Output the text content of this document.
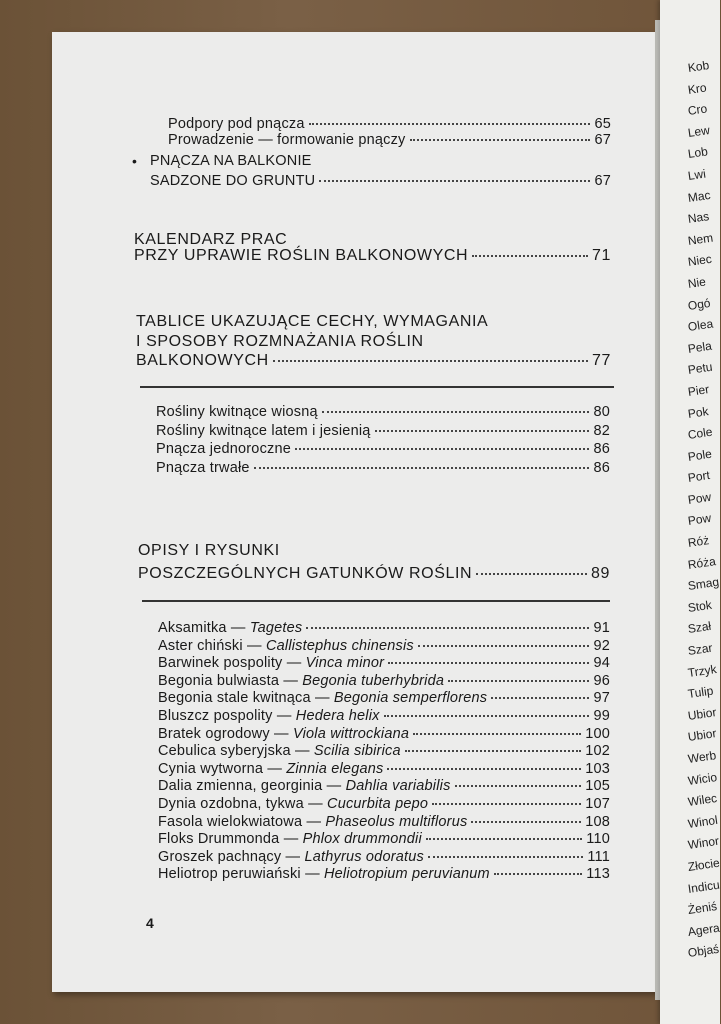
Podpory pod pnącza	65
Prowadzenie — formowanie pnączy	67
• PNĄCZA NA BALKONIE
SADZONE DO GRUNTU	67
KALENDARZ PRAC
PRZY UPRAWIE ROŚLIN BALKONOWYCH	71
TABLICE UKAZUJĄCE CECHY, WYMAGANIA
I SPOSOBY ROZMNAŻANIA ROŚLIN
BALKONOWYCH	77
OPISY I RYSUNKI
POSZCZEGÓLNYCH GATUNKÓW ROŚLIN	89
4
Rośliny kwitnące wiosną	80
Rośliny kwitnące latem i jesienią	82
Pnącza jednoroczne	86
Pnącza trwałe	86
Aksamitka — Tagetes	91
Aster chiński — Callistephus chinensis	92
Barwinek pospolity — Vinca minor	94
Begonia bulwiasta — Begonia tuberhybrida	96
Begonia stale kwitnąca — Begonia semperflorens	97
Bluszcz pospolity — Hedera helix	99
Bratek ogrodowy — Viola wittrockiana	100
Cebulica syberyjska — Scilia sibirica	102
Cynia wytworna — Zinnia elegans	103
Dalia zmienna, georginia — Dahlia variabilis	105
Dynia ozdobna, tykwa — Cucurbita pepo	107
Fasola wielokwiatowa — Phaseolus multiflorus	108
Floks Drummonda — Phlox drummondii	110
Groszek pachnący — Lathyrus odoratus	111
Heliotrop peruwiański — Heliotropium peruvianum	113
Kob
Kro
Cro
Lew
Lob
Lwi
Mac
Nas
Nem
Niec
Nie
Ogó
Olea
Pela
Petu
Pier
Pok
Cole
Pole
Port
Pow
Pow
Róż
Róża
Smag
Stok
Szał
Szar
Trzyk
Tulip
Ubior
Ubior
Werb
Wicio
Wilec
Winol
Winor
Złocie
Indicu
Żeniś
Agera
Objaś
